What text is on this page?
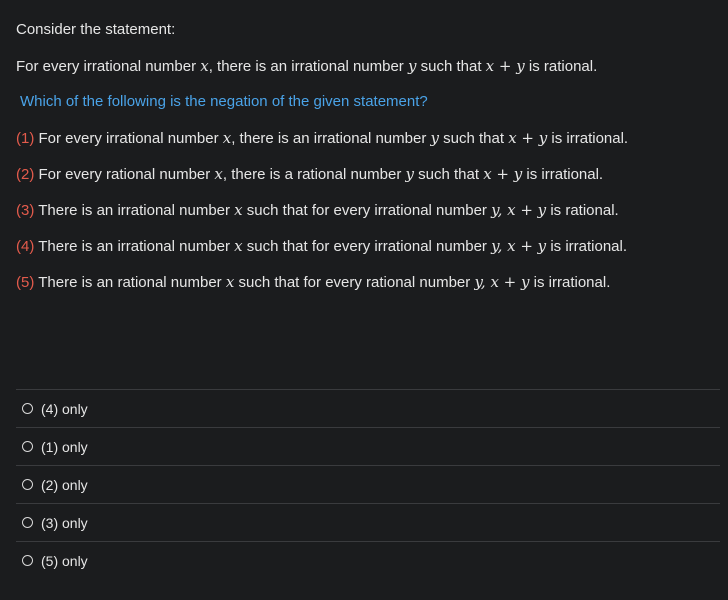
Consider the statement:
For every irrational number x, there is an irrational number y such that x + y is rational.
Which of the following is the negation of the given statement?
(1) For every irrational number x, there is an irrational number y such that x + y is irrational.
(2) For every rational number x, there is a rational number y such that x + y is irrational.
(3) There is an irrational number x such that for every irrational number y, x + y is rational.
(4) There is an irrational number x such that for every irrational number y, x + y is irrational.
(5) There is an rational number x such that for every rational number y, x + y is irrational.
(4) only
(1) only
(2) only
(3) only
(5) only
